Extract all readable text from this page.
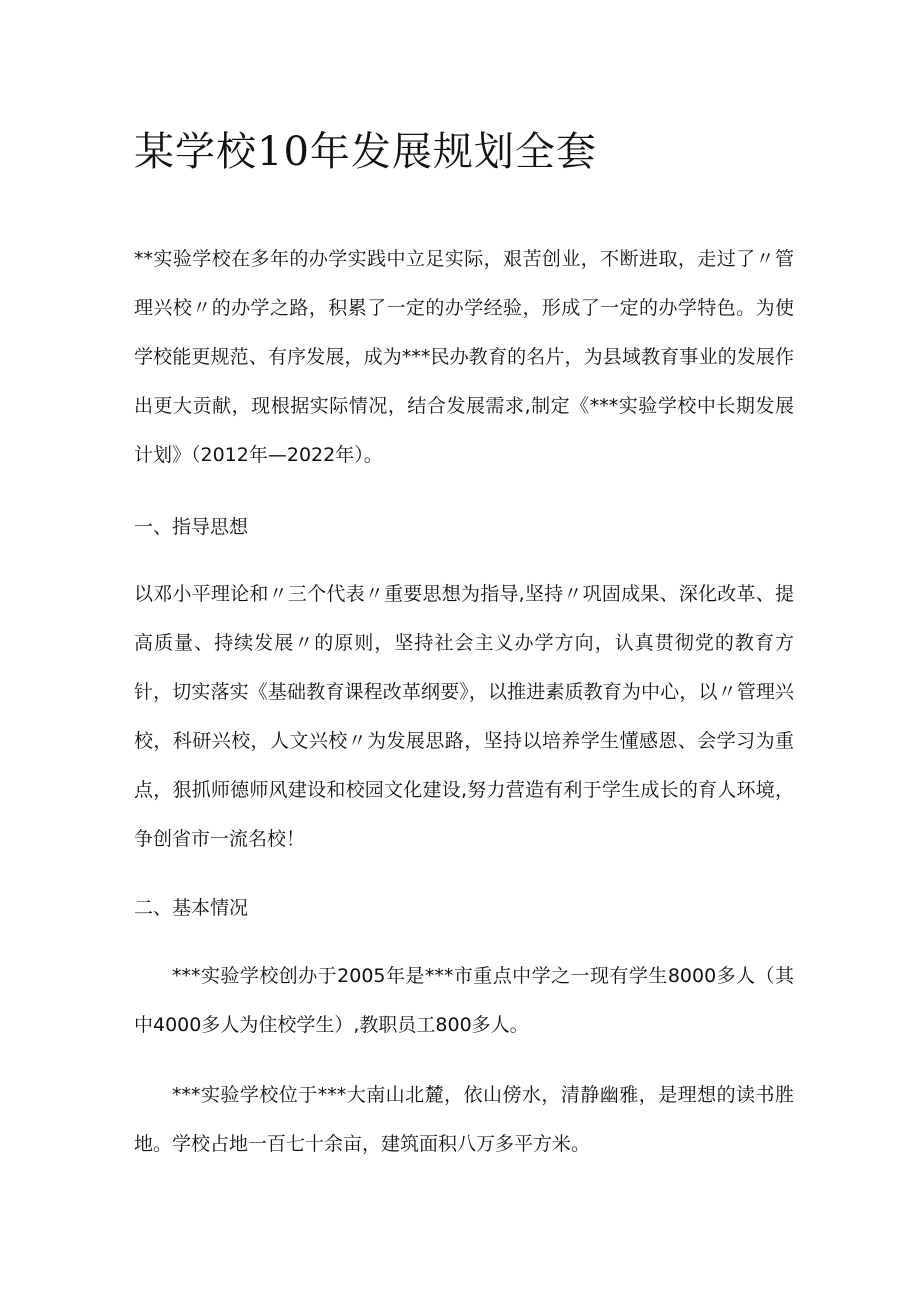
某学校10年发展规划全套

**实验学校在多年的办学实践中立足实际，艰苦创业，不断进取，走过了〃管理兴校〃的办学之路，积累了一定的办学经验，形成了一定的办学特色。为使学校能更规范、有序发展，成为***民办教育的名片，为县域教育事业的发展作出更大贡献，现根据实际情况，结合发展需求,制定《***实验学校中长期发展计划》（2012年—2022年）。

一、指导思想

以邓小平理论和〃三个代表〃重要思想为指导,坚持〃巩固成果、深化改革、提高质量、持续发展〃的原则，坚持社会主义办学方向，认真贯彻党的教育方针，切实落实《基础教育课程改革纲要》，以推进素质教育为中心，以〃管理兴校，科研兴校，人文兴校〃为发展思路，坚持以培养学生懂感恩、会学习为重点，狠抓师德师风建设和校园文化建设,努力营造有利于学生成长的育人环境，争创省市一流名校！

二、基本情况

***实验学校创办于2005年是***市重点中学之一现有学生8000多人（其中4000多人为住校学生）,教职员工800多人。

***实验学校位于***大南山北麓，依山傍水，清静幽雅，是理想的读书胜地。学校占地一百七十余亩，建筑面积八万多平方米。
